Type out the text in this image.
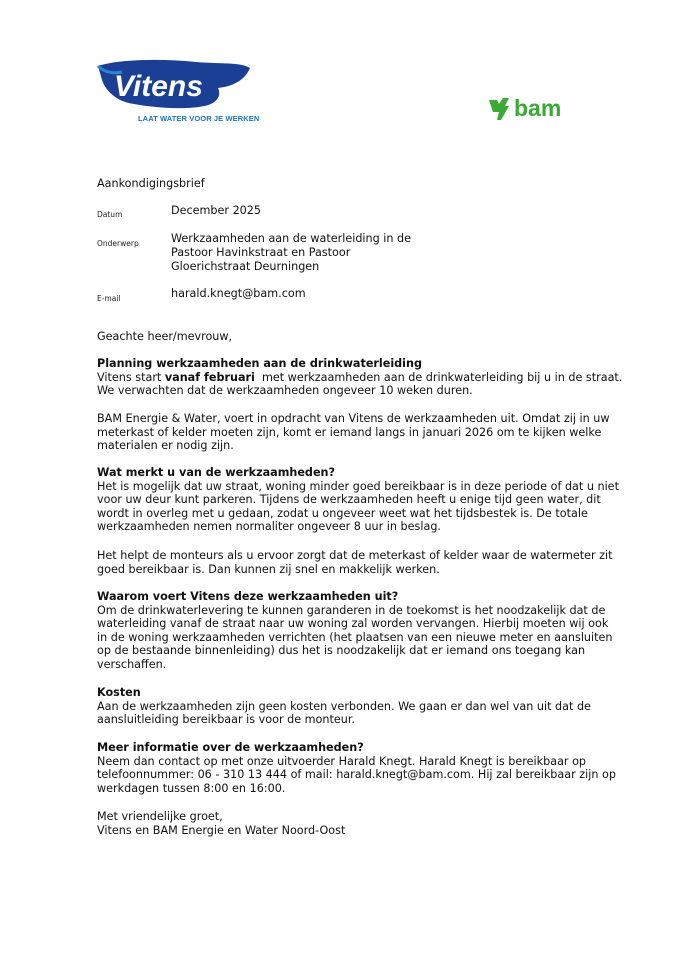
Vitens
LAAT WATER VOOR JE WERKEN	bam
Aankondigingsbrief
Datum	December 2025
Onderwerp	Werkzaamheden aan de waterleiding in de
Pastoor Havinkstraat en Pastoor
Gloerichstraat Deurningen
E-mail	harald.knegt@bam.com
Geachte heer/mevrouw,
Planning werkzaamheden aan de drinkwaterleiding
Vitens start vanaf februari  met werkzaamheden aan de drinkwaterleiding bij u in de straat.
We verwachten dat de werkzaamheden ongeveer 10 weken duren.
BAM Energie & Water, voert in opdracht van Vitens de werkzaamheden uit. Omdat zij in uw
meterkast of kelder moeten zijn, komt er iemand langs in januari 2026 om te kijken welke
materialen er nodig zijn.
Wat merkt u van de werkzaamheden?
Het is mogelijk dat uw straat, woning minder goed bereikbaar is in deze periode of dat u niet
voor uw deur kunt parkeren. Tijdens de werkzaamheden heeft u enige tijd geen water, dit
wordt in overleg met u gedaan, zodat u ongeveer weet wat het tijdsbestek is. De totale
werkzaamheden nemen normaliter ongeveer 8 uur in beslag.
Het helpt de monteurs als u ervoor zorgt dat de meterkast of kelder waar de watermeter zit
goed bereikbaar is. Dan kunnen zij snel en makkelijk werken.
Waarom voert Vitens deze werkzaamheden uit?
Om de drinkwaterlevering te kunnen garanderen in de toekomst is het noodzakelijk dat de
waterleiding vanaf de straat naar uw woning zal worden vervangen. Hierbij moeten wij ook
in de woning werkzaamheden verrichten (het plaatsen van een nieuwe meter en aansluiten
op de bestaande binnenleiding) dus het is noodzakelijk dat er iemand ons toegang kan
verschaffen.
Kosten
Aan de werkzaamheden zijn geen kosten verbonden. We gaan er dan wel van uit dat de
aansluitleiding bereikbaar is voor de monteur.
Meer informatie over de werkzaamheden?
Neem dan contact op met onze uitvoerder Harald Knegt. Harald Knegt is bereikbaar op
telefoonnummer: 06 - 310 13 444 of mail: harald.knegt@bam.com. Hij zal bereikbaar zijn op
werkdagen tussen 8:00 en 16:00.
Met vriendelijke groet,
Vitens en BAM Energie en Water Noord-Oost
